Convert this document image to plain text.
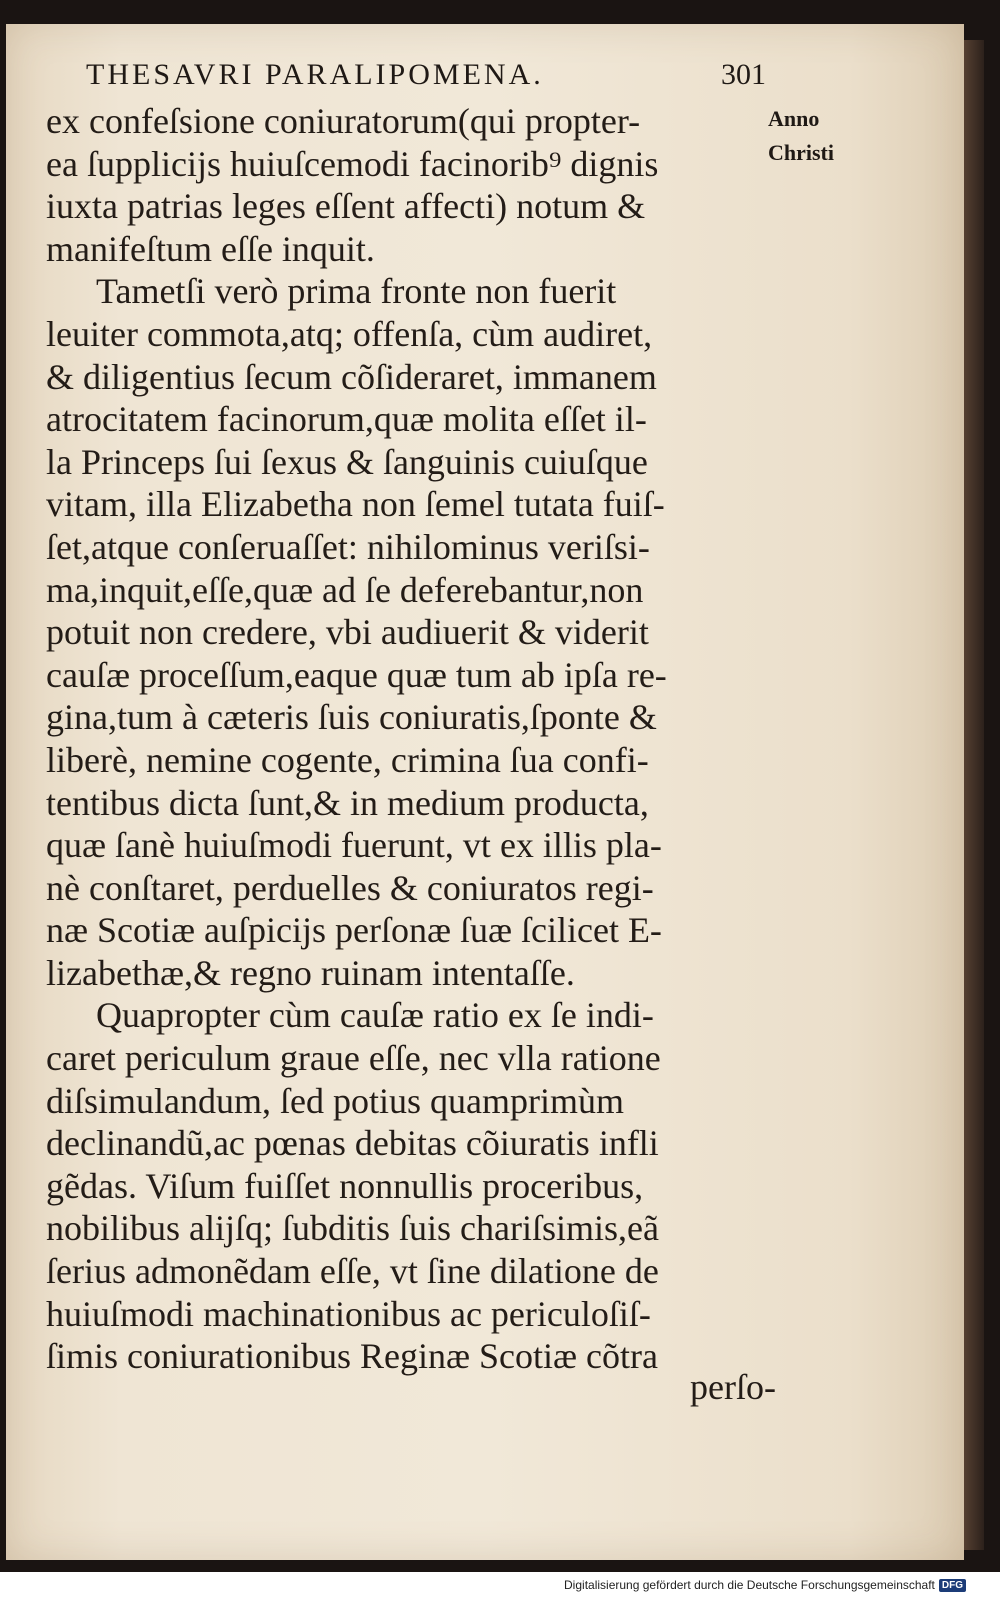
THESAVRI PARALIPOMENA.	301
Anno
Christi
ex confeſsione coniuratorum(qui propter-
ea ſupplicijs huiuſcemodi facinorib⁹ dignis
iuxta patrias leges eſſent affecti) notum &
manifeſtum eſſe inquit.
Tametſi verò prima fronte non fuerit
leuiter commota,atq; offenſa, cùm audiret,
& diligentius ſecum cõſideraret, immanem
atrocitatem facinorum,quæ molita eſſet il-
la Princeps ſui ſexus & ſanguinis cuiuſque
vitam, illa Elizabetha non ſemel tutata fuiſ-
ſet,atque conſeruaſſet: nihilominus veriſsi-
ma,inquit,eſſe,quæ ad ſe deferebantur,non
potuit non credere, vbi audiuerit & viderit
cauſæ proceſſum,eaque quæ tum ab ipſa re-
gina,tum à cæteris ſuis coniuratis,ſponte &
liberè, nemine cogente, crimina ſua confi-
tentibus dicta ſunt,& in medium producta,
quæ ſanè huiuſmodi fuerunt, vt ex illis pla-
nè conſtaret, perduelles & coniuratos regi-
næ Scotiæ auſpicijs perſonæ ſuæ ſcilicet E-
lizabethæ,& regno ruinam intentaſſe.
Quapropter cùm cauſæ ratio ex ſe indi-
caret periculum graue eſſe, nec vlla ratione
diſsimulandum, ſed potius quamprimùm
declinandũ,ac pœnas debitas cõiuratis infli
gẽdas. Viſum fuiſſet nonnullis proceribus,
nobilibus alijſq; ſubditis ſuis chariſsimis,eã
ſerius admonẽdam eſſe, vt ſine dilatione de
huiuſmodi machinationibus ac periculoſiſ-
ſimis coniurationibus Reginæ Scotiæ cõtra
perſo-
Digitalisierung gefördert durch die Deutsche Forschungsgemeinschaft DFG
